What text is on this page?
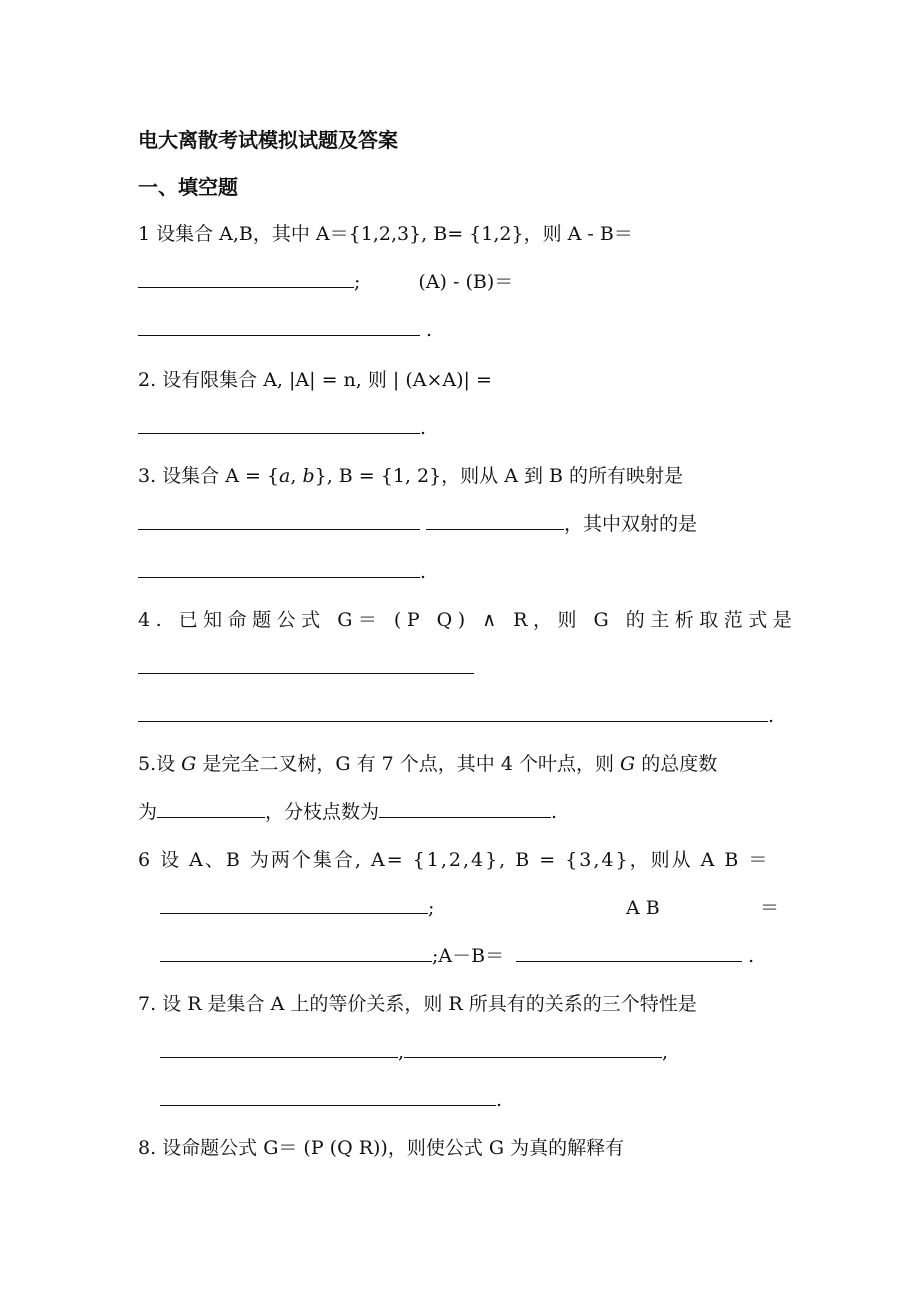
电大离散考试模拟试题及答案
一、填空题
1 设集合 A,B，其中 A＝{1,2,3}, B= {1,2}，则 A - B＝
;	(A) - (B)＝
.
2. 设有限集合 A, |A| = n, 则 | (A×A)| =
.
3. 设集合 A = {a, b}, B = {1, 2}，则从 A 到 B 的所有映射是
，其中双射的是
.
4. 已知命题公式 G＝ (P Q) ∧ R，则 G 的主析取范式是
.
5.设 G 是完全二叉树，G 有 7 个点，其中 4 个叶点，则 G 的总度数
为	，分枝点数为	.
6 设 A、B 为两个集合, A= {1,2,4}, B = {3,4}，则从 A B ＝
;	A B	＝
;A－B＝	.
7. 设 R 是集合 A 上的等价关系，则 R 所具有的关系的三个特性是
,	,
.
8. 设命题公式 G＝ (P (Q R))，则使公式 G 为真的解释有
